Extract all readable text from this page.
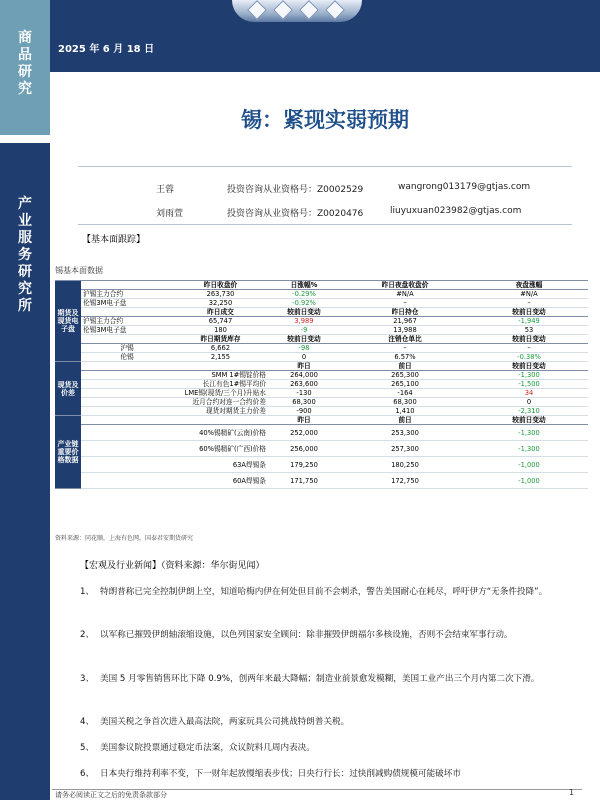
商
品
研
究
产
业
服
务
研
究
所
2025 年 6 月 18 日
锡：紧现实弱预期
王蓉	投资咨询从业资格号：Z0002529	wangrong013179@gtjas.com
刘雨萱	投资咨询从业资格号：Z0020476	liuyuxuan023982@gtjas.com
【基本面跟踪】
锡基本面数据
期货及现货电子盘		昨日收盘价	日涨幅%	昨日夜盘收盘价	夜盘涨幅
	沪锡主力合约	263,730	-0.29%	#N/A	#N/A
	伦锡3M电子盘	32,250	-0.92%	–	–
		昨日成交	较前日变动	昨日持仓	较前日变动
	沪锡主力合约	65,747	3,989	21,967	-1,949
	伦锡3M电子盘	180	-9	13,988	53
		昨日期货库存	较前日变动	注销仓单比	较前日变动
	沪锡	6,662	-98	–	–
	伦锡	2,155	0	6.57%	-0.38%
现货及价差			昨日	前日	较前日变动
	SMM 1#锡锭价格		264,000	265,300	-1,300
	长江有色1#锡平均价		263,600	265,100	-1,500
	LME锡(现货/三个月)升贴水		-130	-164	34
	近月合约对连一合约价差		68,300	68,300	0
	现货对期货主力价差		-900	1,410	-2,310
产业链重要价格数据			昨日	前日	较前日变动
	40%锡精矿(云南)价格		252,000	253,300	-1,300
	60%锡精矿(广西)价格		256,000	257,300	-1,300
	63A焊锡条		179,250	180,250	-1,000
	60A焊锡条		171,750	172,750	-1,000
资料来源：同花顺，上海有色网，国泰君安期货研究
【宏观及行业新闻】（资料来源：华尔街见闻）
1、 特朗普称已完全控制伊朗上空，知道哈梅内伊在何处但目前不会刺杀，警告美国耐心在耗尽，呼吁伊方“无条件投降”。
2、 以军称已摧毁伊朗轴滚缩设施，以色列国家安全顾问：除非摧毁伊朗福尔多核设施，否则不会结束军事行动。
3、 美国 5 月零售销售环比下降 0.9%，创两年来最大降幅；制造业前景愈发模糊，美国工业产出三个月内第二次下滑。
4、 美国关税之争首次进入最高法院，两家玩具公司挑战特朗普关税。
5、 美国参议院投票通过稳定币法案，众议院料几周内表决。
6、 日本央行维持利率不变，下一财年起放慢缩表步伐；日央行行长：过快削减购债规模可能破坏市
请务必阅读正文之后的免责条款部分	1
